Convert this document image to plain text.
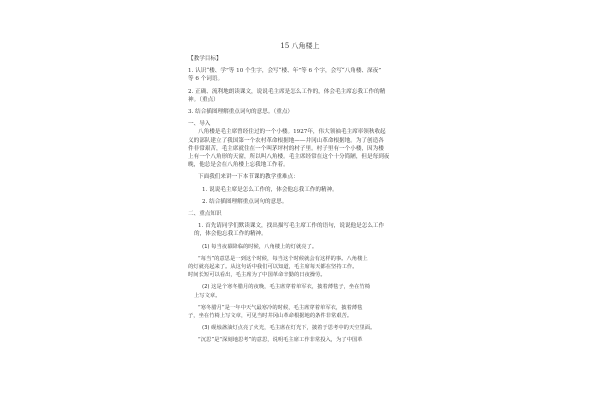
15 八角楼上
【教学目标】
1. 认识“楼、学”等 10 个生字，会写“楼、年”等 6 个字，会写“八角楼、深夜”
等 6 个词语。
2. 正确、流利地朗读课文，说说毛主席是怎么工作的，体会毛主席忘我工作的精
神。（重点）
3. 结合插图理解重点词句的意思。（重点）
一、导入
八角楼是毛主席曾经住过的一个小楼。1927年，伟大领袖毛主席率领秋收起
义的部队建立了我国第一个农村革命根据地——井冈山革命根据地。为了创造各
件非常艰苦，毛主席就住在一个叫茅坪村的村子里。村子里有一个小楼，因为楼
上有一个八角形的天窗，所以叫八角楼。毛主席经常在这个十分简陋，但是每到夜
晚，他总是会在八角楼上忘我地工作着。
下面我们来讲一下本节课的教学重难点：
1. 说说毛主席是怎么工作的，体会他忘我工作的精神。
2. 结合插图理解重点词句的意思。
二、重点知识
1. 首先请同学们默读课文，找出描写毛主席工作的语句，说说他是怎么工作
的，体会他忘我工作的精神。
(1) 每当夜幕降临的时候，八角楼上的灯就亮了。
“每当”的意思是一到这个时候，每当这个时候就会有这样的事。八角楼上
的灯就亮起来了。从这句话中我们可以知道，毛主席每天都在坚持工作。
时间长短可以看出，毛主席为了中国革命辛勤的日夜操劳。
(2) 这是个寒冬腊月的夜晚，毛主席穿着单军衣，披着薄毯子，坐在竹椅
上写文章。
“寒冬腊月”是一年中天气最寒冷的时候，毛主席穿着单军衣，披着薄毯
子，坐在竹椅上写文章，可见当时井冈山革命根据地的条件非常艰苦。
(3) 砚烛盏油灯点亮了火光，毛主席在灯光下，披着于思考中的天空里面。
“沉思”是“深刻地思考”的意思，说明毛主席工作非常投入，为了中国革
